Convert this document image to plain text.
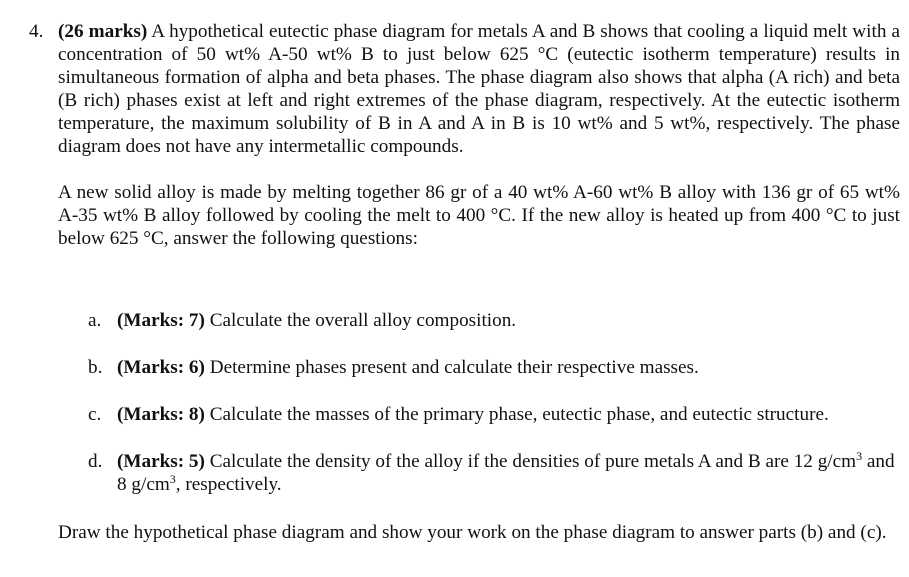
4. (26 marks) A hypothetical eutectic phase diagram for metals A and B shows that cooling a liquid melt with a concentration of 50 wt% A-50 wt% B to just below 625 °C (eutectic isotherm temperature) results in simultaneous formation of alpha and beta phases. The phase diagram also shows that alpha (A rich) and beta (B rich) phases exist at left and right extremes of the phase diagram, respectively. At the eutectic isotherm temperature, the maximum solubility of B in A and A in B is 10 wt% and 5 wt%, respectively. The phase diagram does not have any intermetallic compounds.

A new solid alloy is made by melting together 86 gr of a 40 wt% A-60 wt% B alloy with 136 gr of 65 wt% A-35 wt% B alloy followed by cooling the melt to 400 °C. If the new alloy is heated up from 400 °C to just below 625 °C, answer the following questions:

a. (Marks: 7) Calculate the overall alloy composition.

b. (Marks: 6) Determine phases present and calculate their respective masses.

c. (Marks: 8) Calculate the masses of the primary phase, eutectic phase, and eutectic structure.

d. (Marks: 5) Calculate the density of the alloy if the densities of pure metals A and B are 12 $g/cm^3$ and 8 $g/cm^3$, respectively.

Draw the hypothetical phase diagram and show your work on the phase diagram to answer parts (b) and (c).
